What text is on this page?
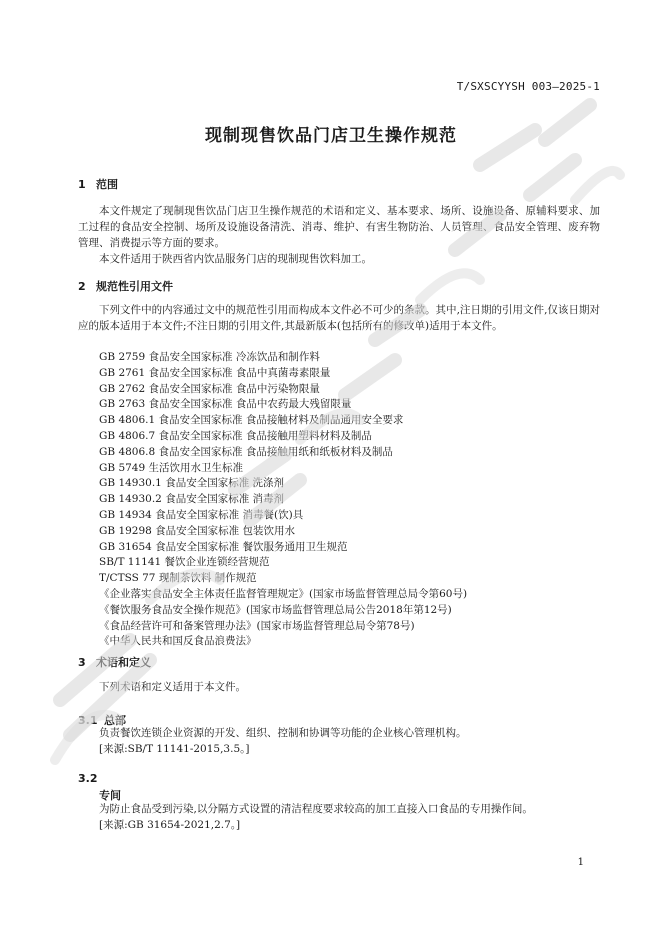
T/SXSCYYSH 003—2025-1
现制现售饮品门店卫生操作规范
1 范围
本文件规定了现制现售饮品门店卫生操作规范的术语和定义、基本要求、场所、设施设备、原辅料要求、加工过程的食品安全控制、场所及设施设备清洗、消毒、维护、有害生物防治、人员管理、食品安全管理、废弃物管理、消费提示等方面的要求。
本文件适用于陕西省内饮品服务门店的现制现售饮料加工。
2 规范性引用文件
下列文件中的内容通过文中的规范性引用而构成本文件必不可少的条款。其中,注日期的引用文件,仅该日期对应的版本适用于本文件;不注日期的引用文件,其最新版本(包括所有的修改单)适用于本文件。
GB 2759 食品安全国家标准 冷冻饮品和制作料
GB 2761 食品安全国家标准 食品中真菌毒素限量
GB 2762 食品安全国家标准 食品中污染物限量
GB 2763 食品安全国家标准 食品中农药最大残留限量
GB 4806.1 食品安全国家标准 食品接触材料及制品通用安全要求
GB 4806.7 食品安全国家标准 食品接触用塑料材料及制品
GB 4806.8 食品安全国家标准 食品接触用纸和纸板材料及制品
GB 5749 生活饮用水卫生标准
GB 14930.1 食品安全国家标准 洗涤剂
GB 14930.2 食品安全国家标准 消毒剂
GB 14934 食品安全国家标准 消毒餐(饮)具
GB 19298 食品安全国家标准 包装饮用水
GB 31654 食品安全国家标准 餐饮服务通用卫生规范
SB/T 11141 餐饮企业连锁经营规范
T/CTSS 77 现制茶饮料 制作规范
《企业落实食品安全主体责任监督管理规定》(国家市场监督管理总局令第60号)
《餐饮服务食品安全操作规范》(国家市场监督管理总局公告2018年第12号)
《食品经营许可和备案管理办法》(国家市场监督管理总局令第78号)
《中华人民共和国反食品浪费法》
3 术语和定义
下列术语和定义适用于本文件。
3.1 总部
负责餐饮连锁企业资源的开发、组织、控制和协调等功能的企业核心管理机构。
[来源:SB/T 11141-2015,3.5。]
3.2
专间
为防止食品受到污染,以分隔方式设置的清洁程度要求较高的加工直接入口食品的专用操作间。
[来源:GB 31654-2021,2.7。]
1
